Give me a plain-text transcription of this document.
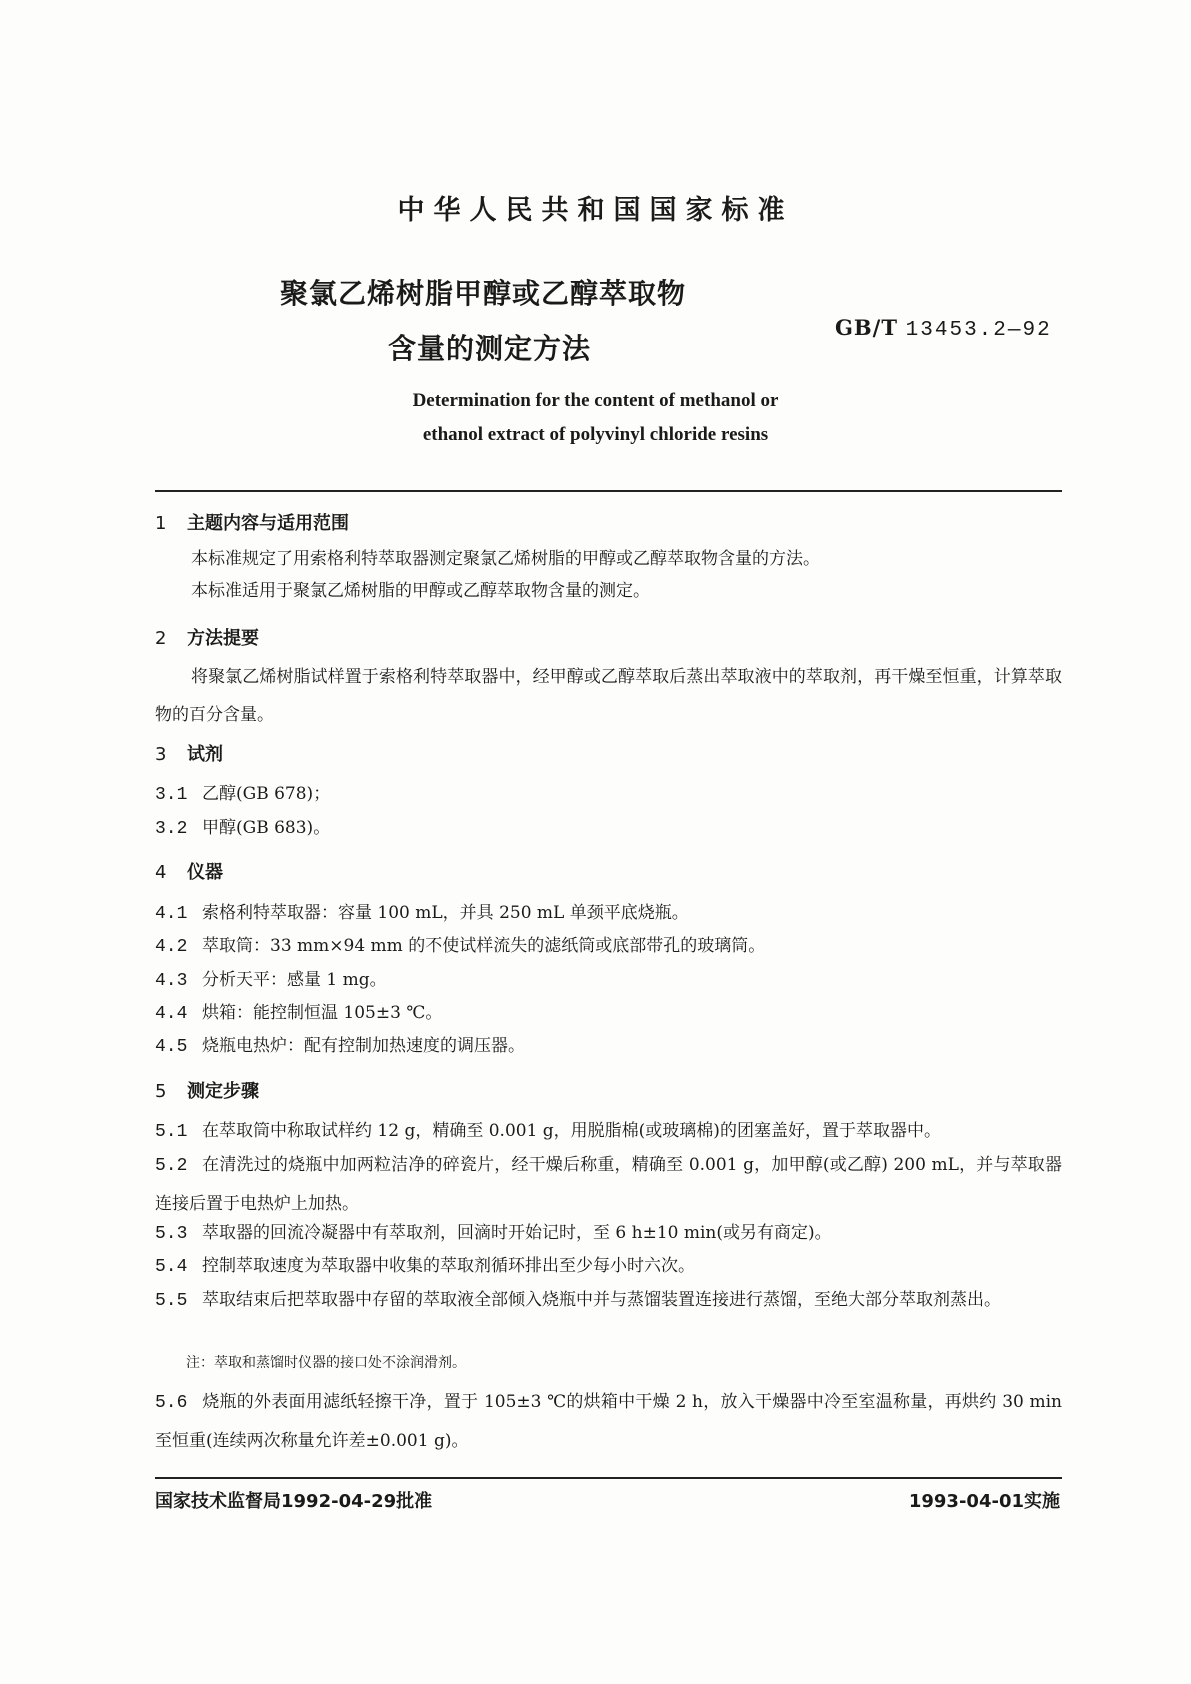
中华人民共和国国家标准
聚氯乙烯树脂甲醇或乙醇萃取物
含量的测定方法
GB/T 13453.2—92
Determination for the content of methanol or
ethanol extract of polyvinyl chloride resins
1 主题内容与适用范围
本标准规定了用索格利特萃取器测定聚氯乙烯树脂的甲醇或乙醇萃取物含量的方法。
本标准适用于聚氯乙烯树脂的甲醇或乙醇萃取物含量的测定。
2 方法提要
将聚氯乙烯树脂试样置于索格利特萃取器中，经甲醇或乙醇萃取后蒸出萃取液中的萃取剂，再干燥至恒重，计算萃取物的百分含量。
3 试剂
3.1 乙醇(GB 678)；
3.2 甲醇(GB 683)。
4 仪器
4.1 索格利特萃取器：容量 100 mL，并具 250 mL 单颈平底烧瓶。
4.2 萃取筒：33 mm×94 mm 的不使试样流失的滤纸筒或底部带孔的玻璃筒。
4.3 分析天平：感量 1 mg。
4.4 烘箱：能控制恒温 105±3 ℃。
4.5 烧瓶电热炉：配有控制加热速度的调压器。
5 测定步骤
5.1 在萃取筒中称取试样约 12 g，精确至 0.001 g，用脱脂棉(或玻璃棉)的团塞盖好，置于萃取器中。
5.2 在清洗过的烧瓶中加两粒洁净的碎瓷片，经干燥后称重，精确至 0.001 g，加甲醇(或乙醇) 200 mL，并与萃取器连接后置于电热炉上加热。
5.3 萃取器的回流冷凝器中有萃取剂，回滴时开始记时，至 6 h±10 min(或另有商定)。
5.4 控制萃取速度为萃取器中收集的萃取剂循环排出至少每小时六次。
5.5 萃取结束后把萃取器中存留的萃取液全部倾入烧瓶中并与蒸馏装置连接进行蒸馏，至绝大部分萃取剂蒸出。
注：萃取和蒸馏时仪器的接口处不涂润滑剂。
5.6 烧瓶的外表面用滤纸轻擦干净，置于 105±3 ℃的烘箱中干燥 2 h，放入干燥器中冷至室温称量，再烘约 30 min 至恒重(连续两次称量允许差±0.001 g)。
国家技术监督局1992-04-29批准	1993-04-01实施
